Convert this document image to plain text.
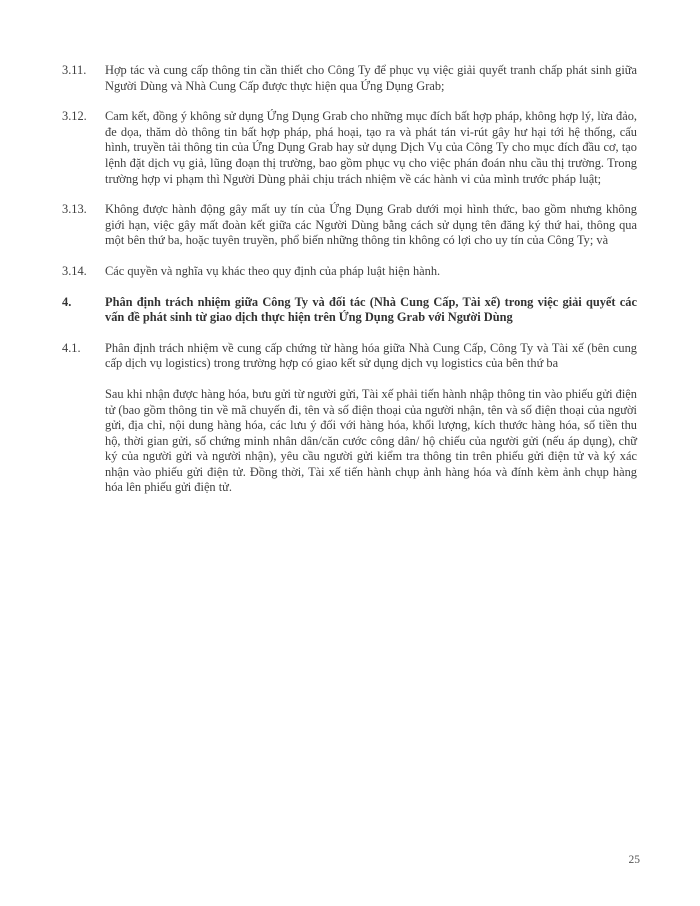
3.11.	Hợp tác và cung cấp thông tin cần thiết cho Công Ty để phục vụ việc giải quyết tranh chấp phát sinh giữa Người Dùng và Nhà Cung Cấp được thực hiện qua Ứng Dụng Grab;
3.12.	Cam kết, đồng ý không sử dụng Ứng Dụng Grab cho những mục đích bất hợp pháp, không hợp lý, lừa đảo, đe dọa, thăm dò thông tin bất hợp pháp, phá hoại, tạo ra và phát tán vi-rút gây hư hại tới hệ thống, cấu hình, truyền tải thông tin của Ứng Dụng Grab hay sử dụng Dịch Vụ của Công Ty cho mục đích đầu cơ, tạo lệnh đặt dịch vụ giả, lũng đoạn thị trường, bao gồm phục vụ cho việc phán đoán nhu cầu thị trường. Trong trường hợp vi phạm thì Người Dùng phải chịu trách nhiệm về các hành vi của mình trước pháp luật;
3.13.	Không được hành động gây mất uy tín của Ứng Dụng Grab dưới mọi hình thức, bao gồm nhưng không giới hạn, việc gây mất đoàn kết giữa các Người Dùng bằng cách sử dụng tên đăng ký thứ hai, thông qua một bên thứ ba, hoặc tuyên truyền, phổ biến những thông tin không có lợi cho uy tín của Công Ty; và
3.14.	Các quyền và nghĩa vụ khác theo quy định của pháp luật hiện hành.
4.	Phân định trách nhiệm giữa Công Ty và đối tác (Nhà Cung Cấp, Tài xế) trong việc giải quyết các vấn đề phát sinh từ giao dịch thực hiện trên Ứng Dụng Grab với Người Dùng
4.1.	Phân định trách nhiệm về cung cấp chứng từ hàng hóa giữa Nhà Cung Cấp, Công Ty và Tài xế (bên cung cấp dịch vụ logistics) trong trường hợp có giao kết sử dụng dịch vụ logistics của bên thứ ba
Sau khi nhận được hàng hóa, bưu gửi từ người gửi, Tài xế phải tiến hành nhập thông tin vào phiếu gửi điện tử (bao gồm thông tin về mã chuyến đi, tên và số điện thoại của người nhận, tên và số điện thoại của người gửi, địa chỉ, nội dung hàng hóa, các lưu ý đối với hàng hóa, khối lượng, kích thước hàng hóa, số tiền thu hộ, thời gian gửi, số chứng minh nhân dân/căn cước công dân/ hộ chiếu của người gửi (nếu áp dụng), chữ ký của người gửi và người nhận), yêu cầu người gửi kiểm tra thông tin trên phiếu gửi điện tử và ký xác nhận vào phiếu gửi điện tử. Đồng thời, Tài xế tiến hành chụp ảnh hàng hóa và đính kèm ảnh chụp hàng hóa lên phiếu gửi điện tử.
25
